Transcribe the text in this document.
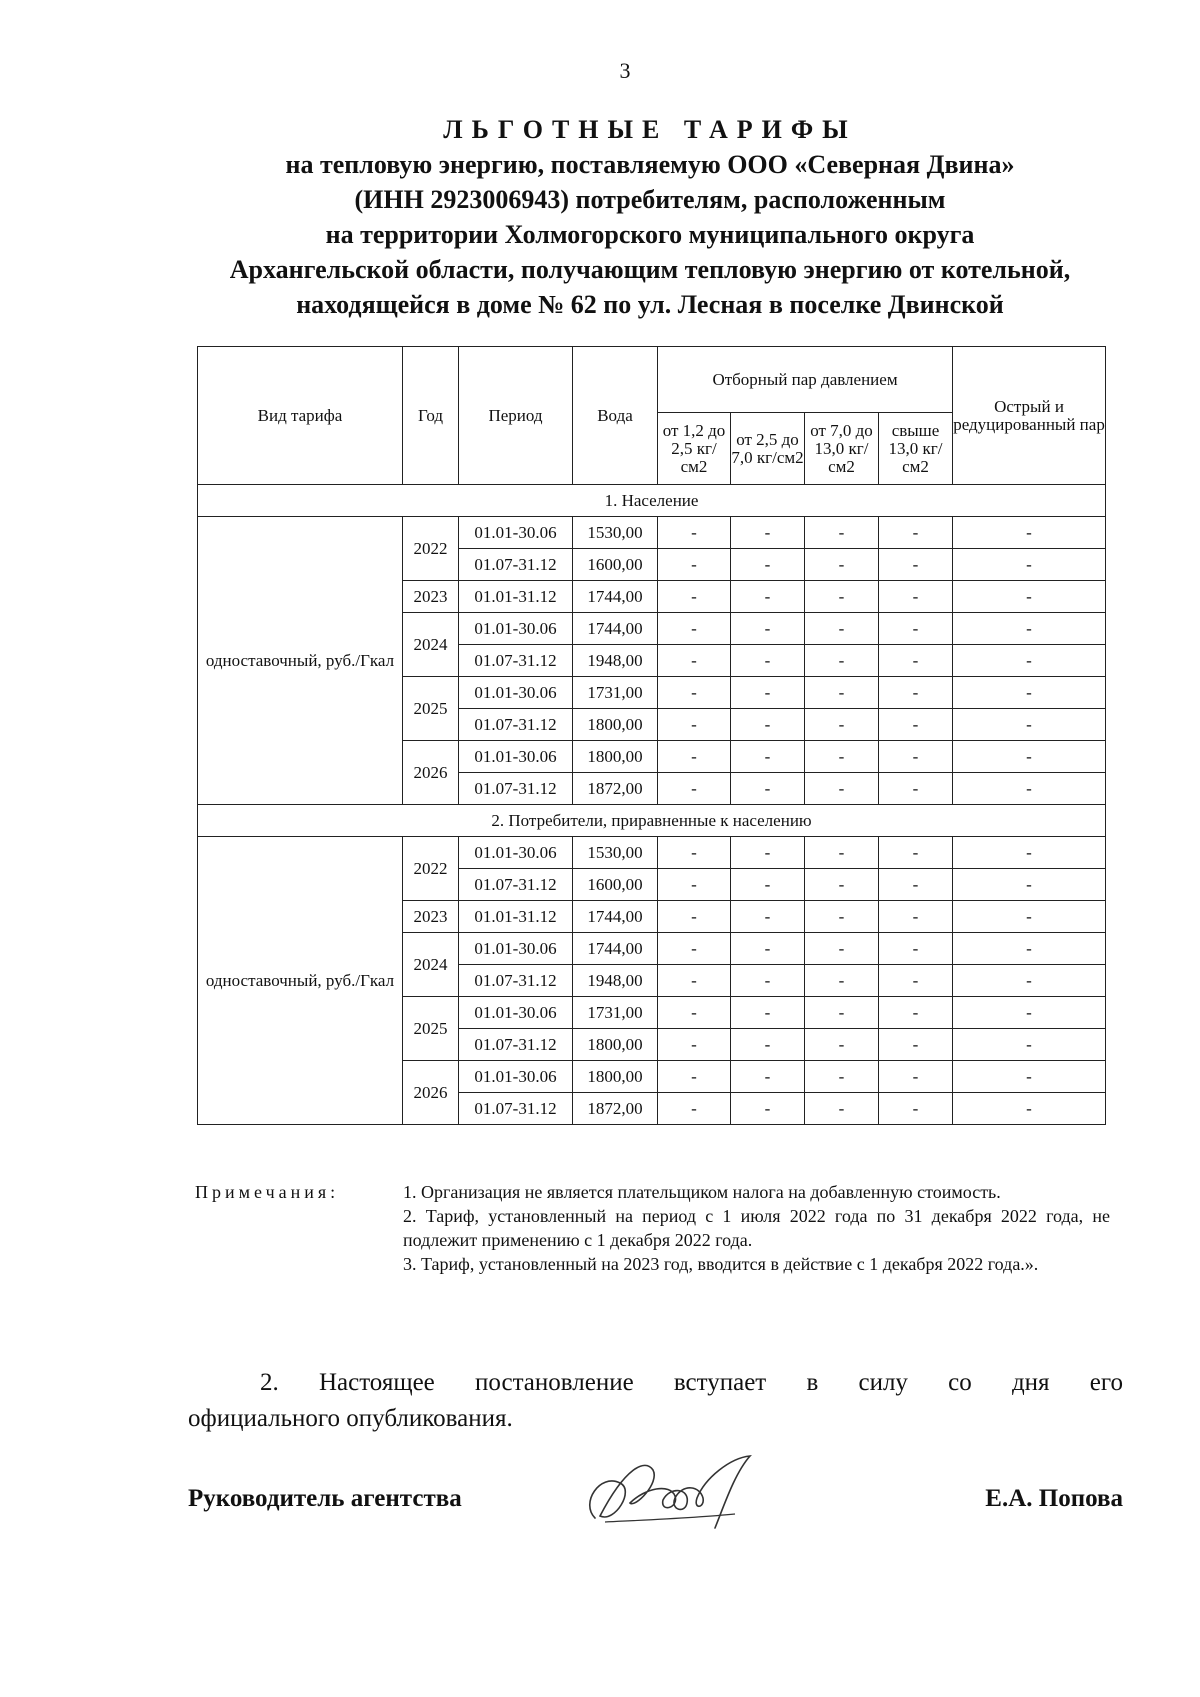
3
ЛЬГОТНЫЕ ТАРИФЫ
на тепловую энергию, поставляемую ООО «Северная Двина»
(ИНН 2923006943) потребителям, расположенным
на территории Холмогорского муниципального округа
Архангельской области, получающим тепловую энергию от котельной,
находящейся в доме № 62 по ул. Лесная в поселке Двинской
Вид тарифа	Год	Период	Вода	Отборный пар давлением				Острый и редуцированный пар
				от 1,2 до 2,5 кг/см2	от 2,5 до 7,0 кг/см2	от 7,0 до 13,0 кг/см2	свыше 13,0 кг/см2	
1. Население								
одноставочный, руб./Гкал	2022	01.01-30.06	1530,00	-	-	-	-	-
		01.07-31.12	1600,00	-	-	-	-	-
	2023	01.01-31.12	1744,00	-	-	-	-	-
	2024	01.01-30.06	1744,00	-	-	-	-	-
		01.07-31.12	1948,00	-	-	-	-	-
	2025	01.01-30.06	1731,00	-	-	-	-	-
		01.07-31.12	1800,00	-	-	-	-	-
	2026	01.01-30.06	1800,00	-	-	-	-	-
		01.07-31.12	1872,00	-	-	-	-	-
2. Потребители, приравненные к населению								
одноставочный, руб./Гкал	2022	01.01-30.06	1530,00	-	-	-	-	-
		01.07-31.12	1600,00	-	-	-	-	-
	2023	01.01-31.12	1744,00	-	-	-	-	-
	2024	01.01-30.06	1744,00	-	-	-	-	-
		01.07-31.12	1948,00	-	-	-	-	-
	2025	01.01-30.06	1731,00	-	-	-	-	-
		01.07-31.12	1800,00	-	-	-	-	-
	2026	01.01-30.06	1800,00	-	-	-	-	-
		01.07-31.12	1872,00	-	-	-	-	-
Примечания:	1. Организация не является плательщиком налога на добавленную стоимость.

2. Тариф, установленный на период с 1 июля 2022 года по 31 декабря 2022 года, не подлежит применению с 1 декабря 2022 года.

3. Тариф, установленный на 2023 год, вводится в действие с 1 декабря 2022 года.».

2. Настоящее постановление вступает в силу со дня его
официального опубликования.
Руководитель агентства	Е.А. Попова
